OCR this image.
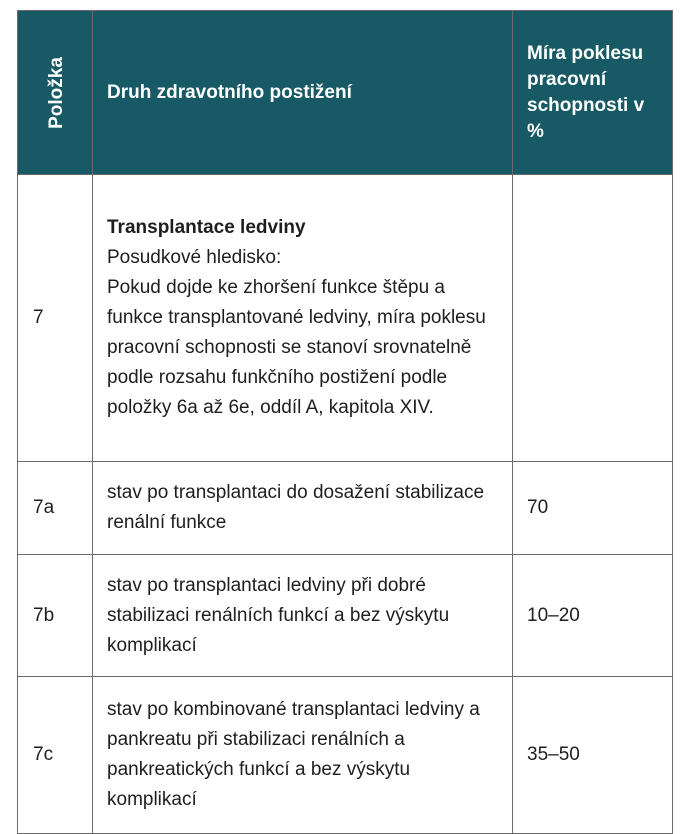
Položka	Druh zdravotního postižení	Míra poklesu pracovní schopnosti v %

7	Transplantace ledviny
Posudkové hledisko:
Pokud dojde ke zhoršení funkce štěpu a funkce transplantované ledviny, míra poklesu pracovní schopnosti se stanoví srovnatelně podle rozsahu funkčního postižení podle položky 6a až 6e, oddíl A, kapitola XIV.	

7a	stav po transplantaci do dosažení stabilizace renální funkce	70
7b	stav po transplantaci ledviny při dobré stabilizaci renálních funkcí a bez výskytu komplikací	10–20
7c	stav po kombinované transplantaci ledviny a pankreatu při stabilizaci renálních a pankreatických funkcí a bez výskytu komplikací	35–50
